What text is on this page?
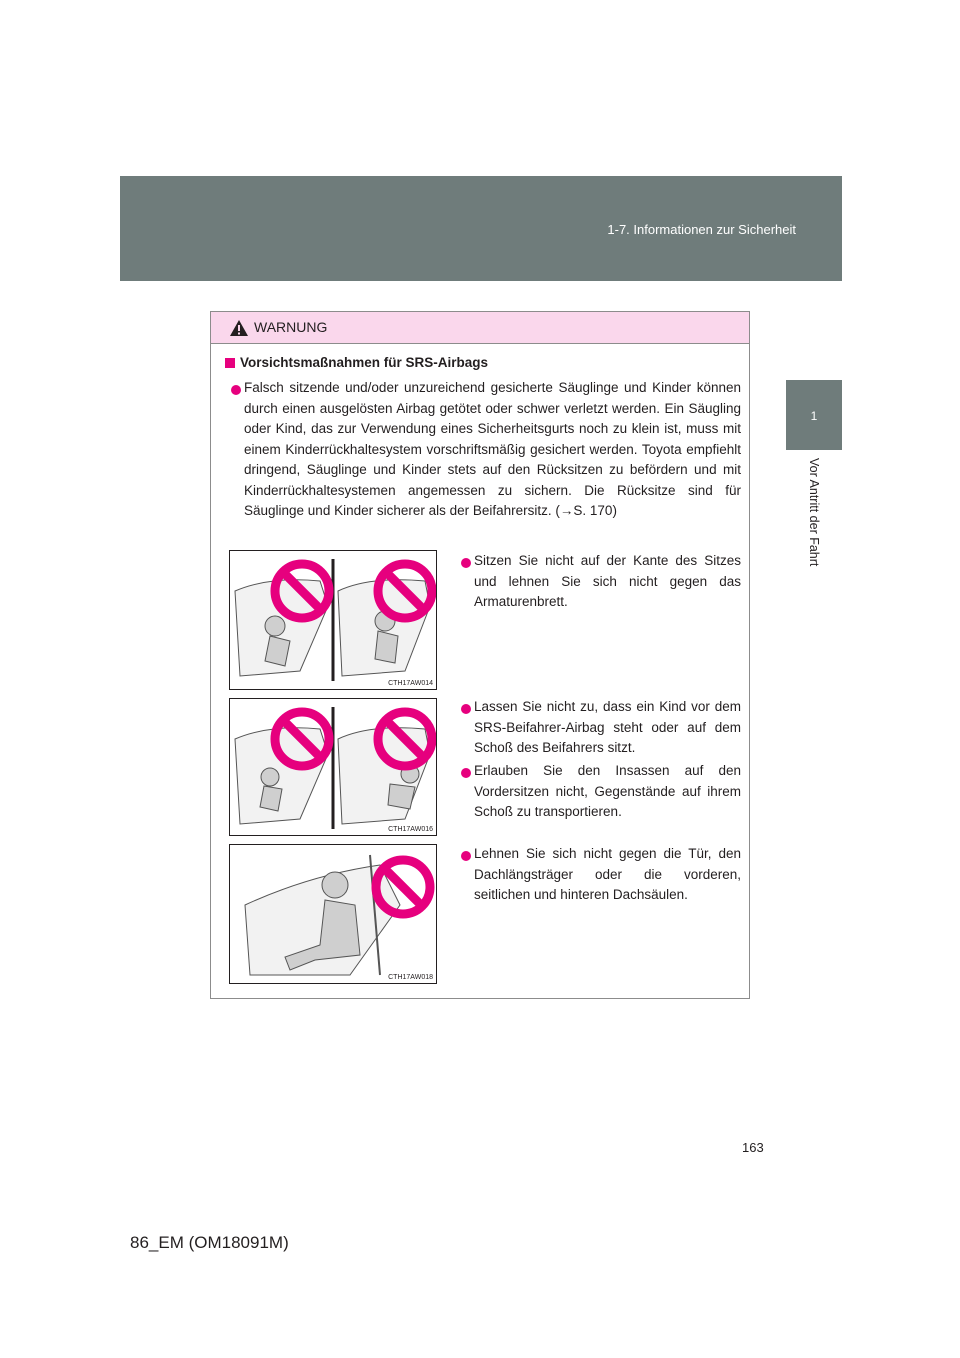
1-7. Informationen zur Sicherheit
1
Vor Antritt der Fahrt
WARNUNG
Vorsichtsmaßnahmen für SRS-Airbags
Falsch sitzende und/oder unzureichend gesicherte Säuglinge und Kinder können durch einen ausgelösten Airbag getötet oder schwer verletzt werden. Ein Säugling oder Kind, das zur Verwendung eines Sicherheitsgurts noch zu klein ist, muss mit einem Kinderrückhaltesystem vorschriftsmäßig gesichert werden. Toyota empfiehlt dringend, Säuglinge und Kinder stets auf den Rücksitzen zu befördern und mit Kinderrückhaltesystemen angemessen zu sichern. Die Rücksitze sind für Säuglinge und Kinder sicherer als der Beifahrersitz. (→S. 170)
CTH17AW014
CTH17AW016
CTH17AW018
Sitzen Sie nicht auf der Kante des Sitzes und lehnen Sie sich nicht gegen das Armaturenbrett.
Lassen Sie nicht zu, dass ein Kind vor dem SRS-Beifahrer-Airbag steht oder auf dem Schoß des Beifahrers sitzt.
Erlauben Sie den Insassen auf den Vordersitzen nicht, Gegenstände auf ihrem Schoß zu transportieren.
Lehnen Sie sich nicht gegen die Tür, den Dachlängsträger oder die vorderen, seitlichen und hinteren Dachsäulen.
163
86_EM (OM18091M)
